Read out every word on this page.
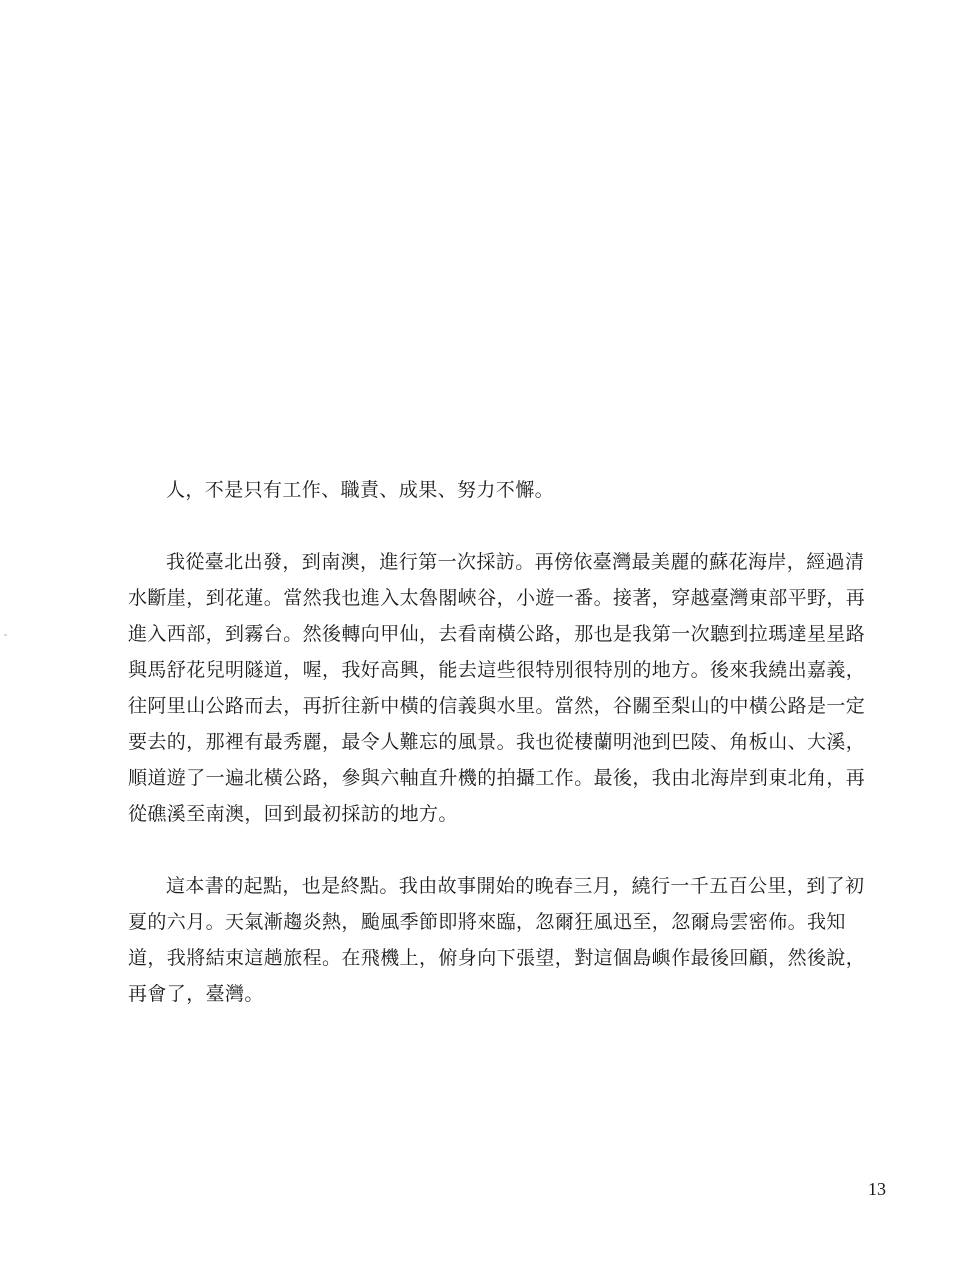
人，不是只有工作、職責、成果、努力不懈。
我從臺北出發，到南澳，進行第一次採訪。再傍依臺灣最美麗的蘇花海岸，經過清
水斷崖，到花蓮。當然我也進入太魯閣峽谷，小遊一番。接著，穿越臺灣東部平野，再
進入西部，到霧台。然後轉向甲仙，去看南橫公路，那也是我第一次聽到拉瑪達星星路
與馬舒花兒明隧道，喔，我好高興，能去這些很特別很特別的地方。後來我繞出嘉義，
往阿里山公路而去，再折往新中橫的信義與水里。當然，谷關至梨山的中橫公路是一定
要去的，那裡有最秀麗，最令人難忘的風景。我也從棲蘭明池到巴陵、角板山、大溪，
順道遊了一遍北橫公路，參與六軸直升機的拍攝工作。最後，我由北海岸到東北角，再
從礁溪至南澳，回到最初採訪的地方。
這本書的起點，也是終點。我由故事開始的晚春三月，繞行一千五百公里，到了初
夏的六月。天氣漸趨炎熱，颱風季節即將來臨，忽爾狂風迅至，忽爾烏雲密佈。我知
道，我將結束這趟旅程。在飛機上，俯身向下張望，對這個島嶼作最後回顧，然後說，
再會了，臺灣。
13
